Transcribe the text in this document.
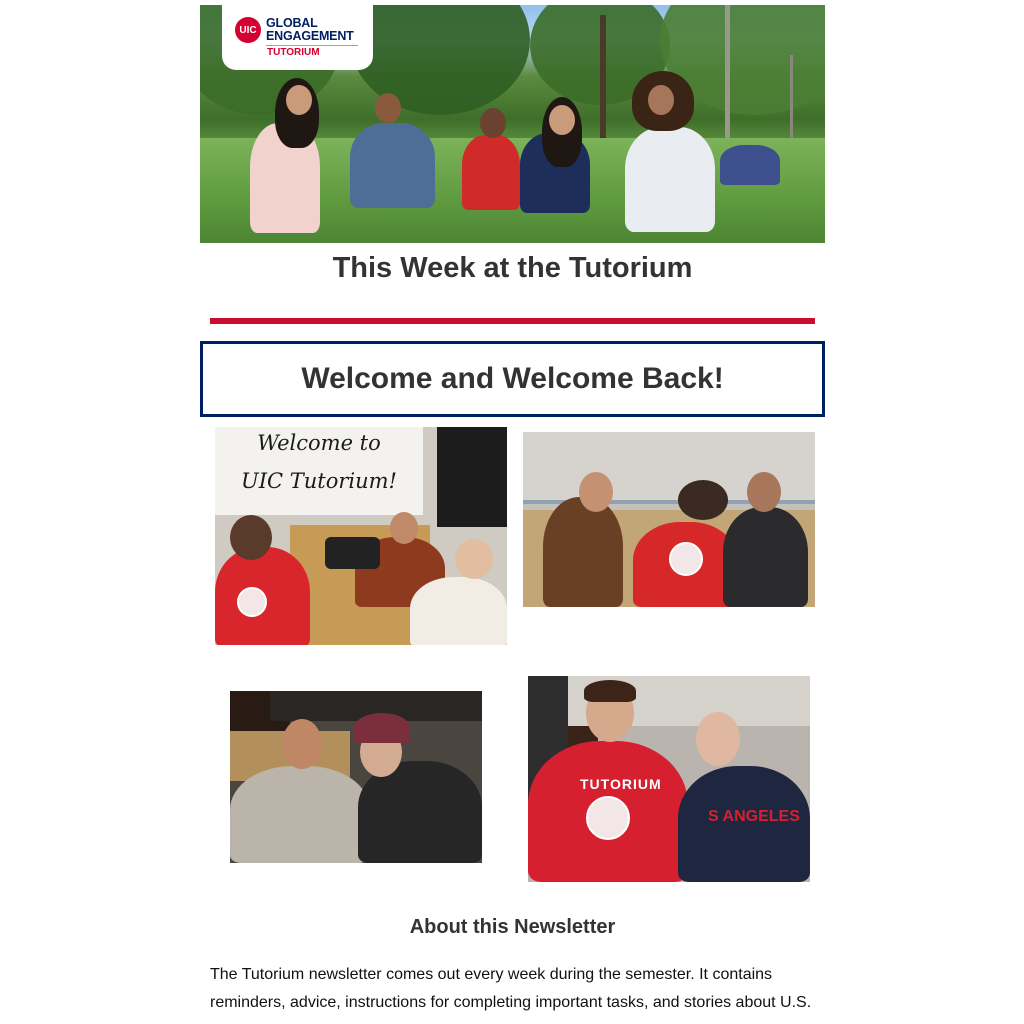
UIC GLOBAL
ENGAGEMENT
TUTORIUM
This Week at the Tutorium
Welcome and Welcome Back!
Welcome to
UIC Tutorium!
TUTORIUM
S ANGELES
About this Newsletter
The Tutorium newsletter comes out every week during the semester. It contains reminders, advice, instructions for completing important tasks, and stories about U.S.
